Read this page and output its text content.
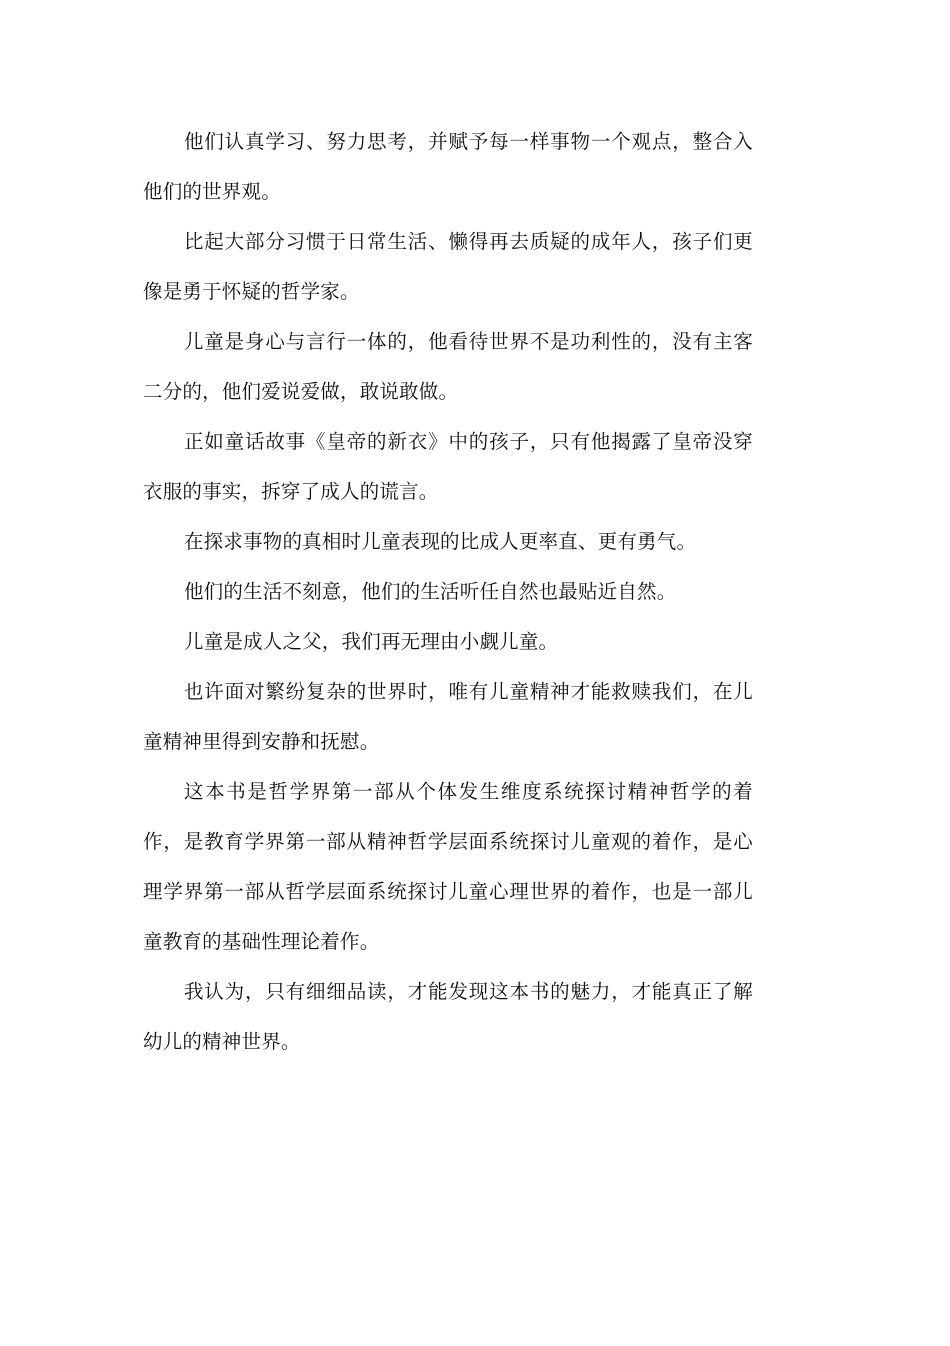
他们认真学习、努力思考，并赋予每一样事物一个观点，整合入他们的世界观。

比起大部分习惯于日常生活、懒得再去质疑的成年人，孩子们更像是勇于怀疑的哲学家。

儿童是身心与言行一体的，他看待世界不是功利性的，没有主客二分的，他们爱说爱做，敢说敢做。

正如童话故事《皇帝的新衣》中的孩子，只有他揭露了皇帝没穿衣服的事实，拆穿了成人的谎言。

在探求事物的真相时儿童表现的比成人更率直、更有勇气。

他们的生活不刻意，他们的生活听任自然也最贴近自然。

儿童是成人之父，我们再无理由小觑儿童。

也许面对繁纷复杂的世界时，唯有儿童精神才能救赎我们，在儿童精神里得到安静和抚慰。

这本书是哲学界第一部从个体发生维度系统探讨精神哲学的着作，是教育学界第一部从精神哲学层面系统探讨儿童观的着作，是心理学界第一部从哲学层面系统探讨儿童心理世界的着作，也是一部儿童教育的基础性理论着作。

我认为，只有细细品读，才能发现这本书的魅力，才能真正了解幼儿的精神世界。
